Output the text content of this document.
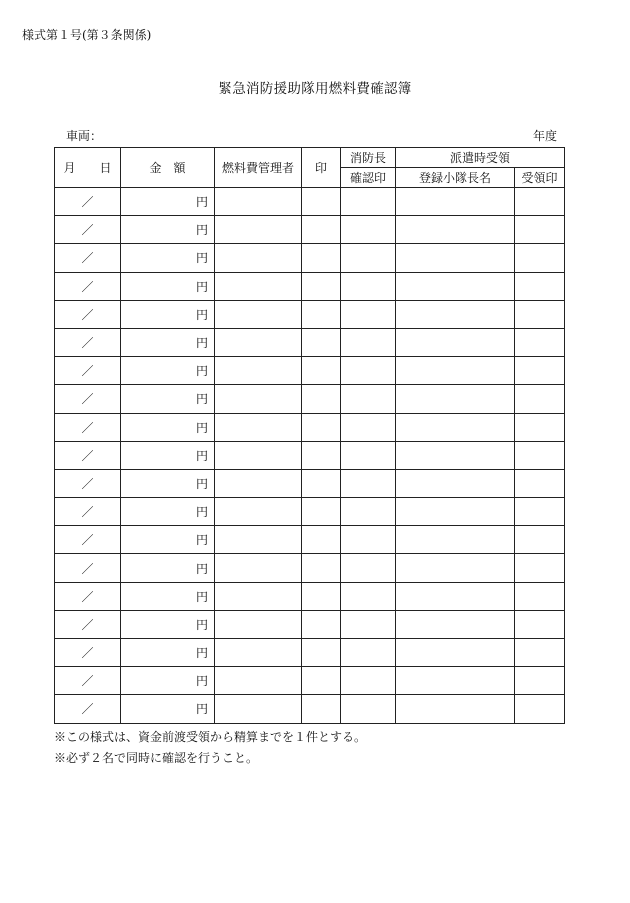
様式第１号(第３条関係)
緊急消防援助隊用燃料費確認簿
車両：	年度
月　　日	金　額	燃料費管理者	印	消防長	派遣時受領	
				確認印	登録小隊長名	受領印
／	円					
／	円					
／	円					
／	円					
／	円					
／	円					
／	円					
／	円					
／	円					
／	円					
／	円					
／	円					
／	円					
／	円					
／	円					
／	円					
／	円					
／	円					
／	円					
※この様式は、資金前渡受領から精算までを１件とする。
※必ず２名で同時に確認を行うこと。
